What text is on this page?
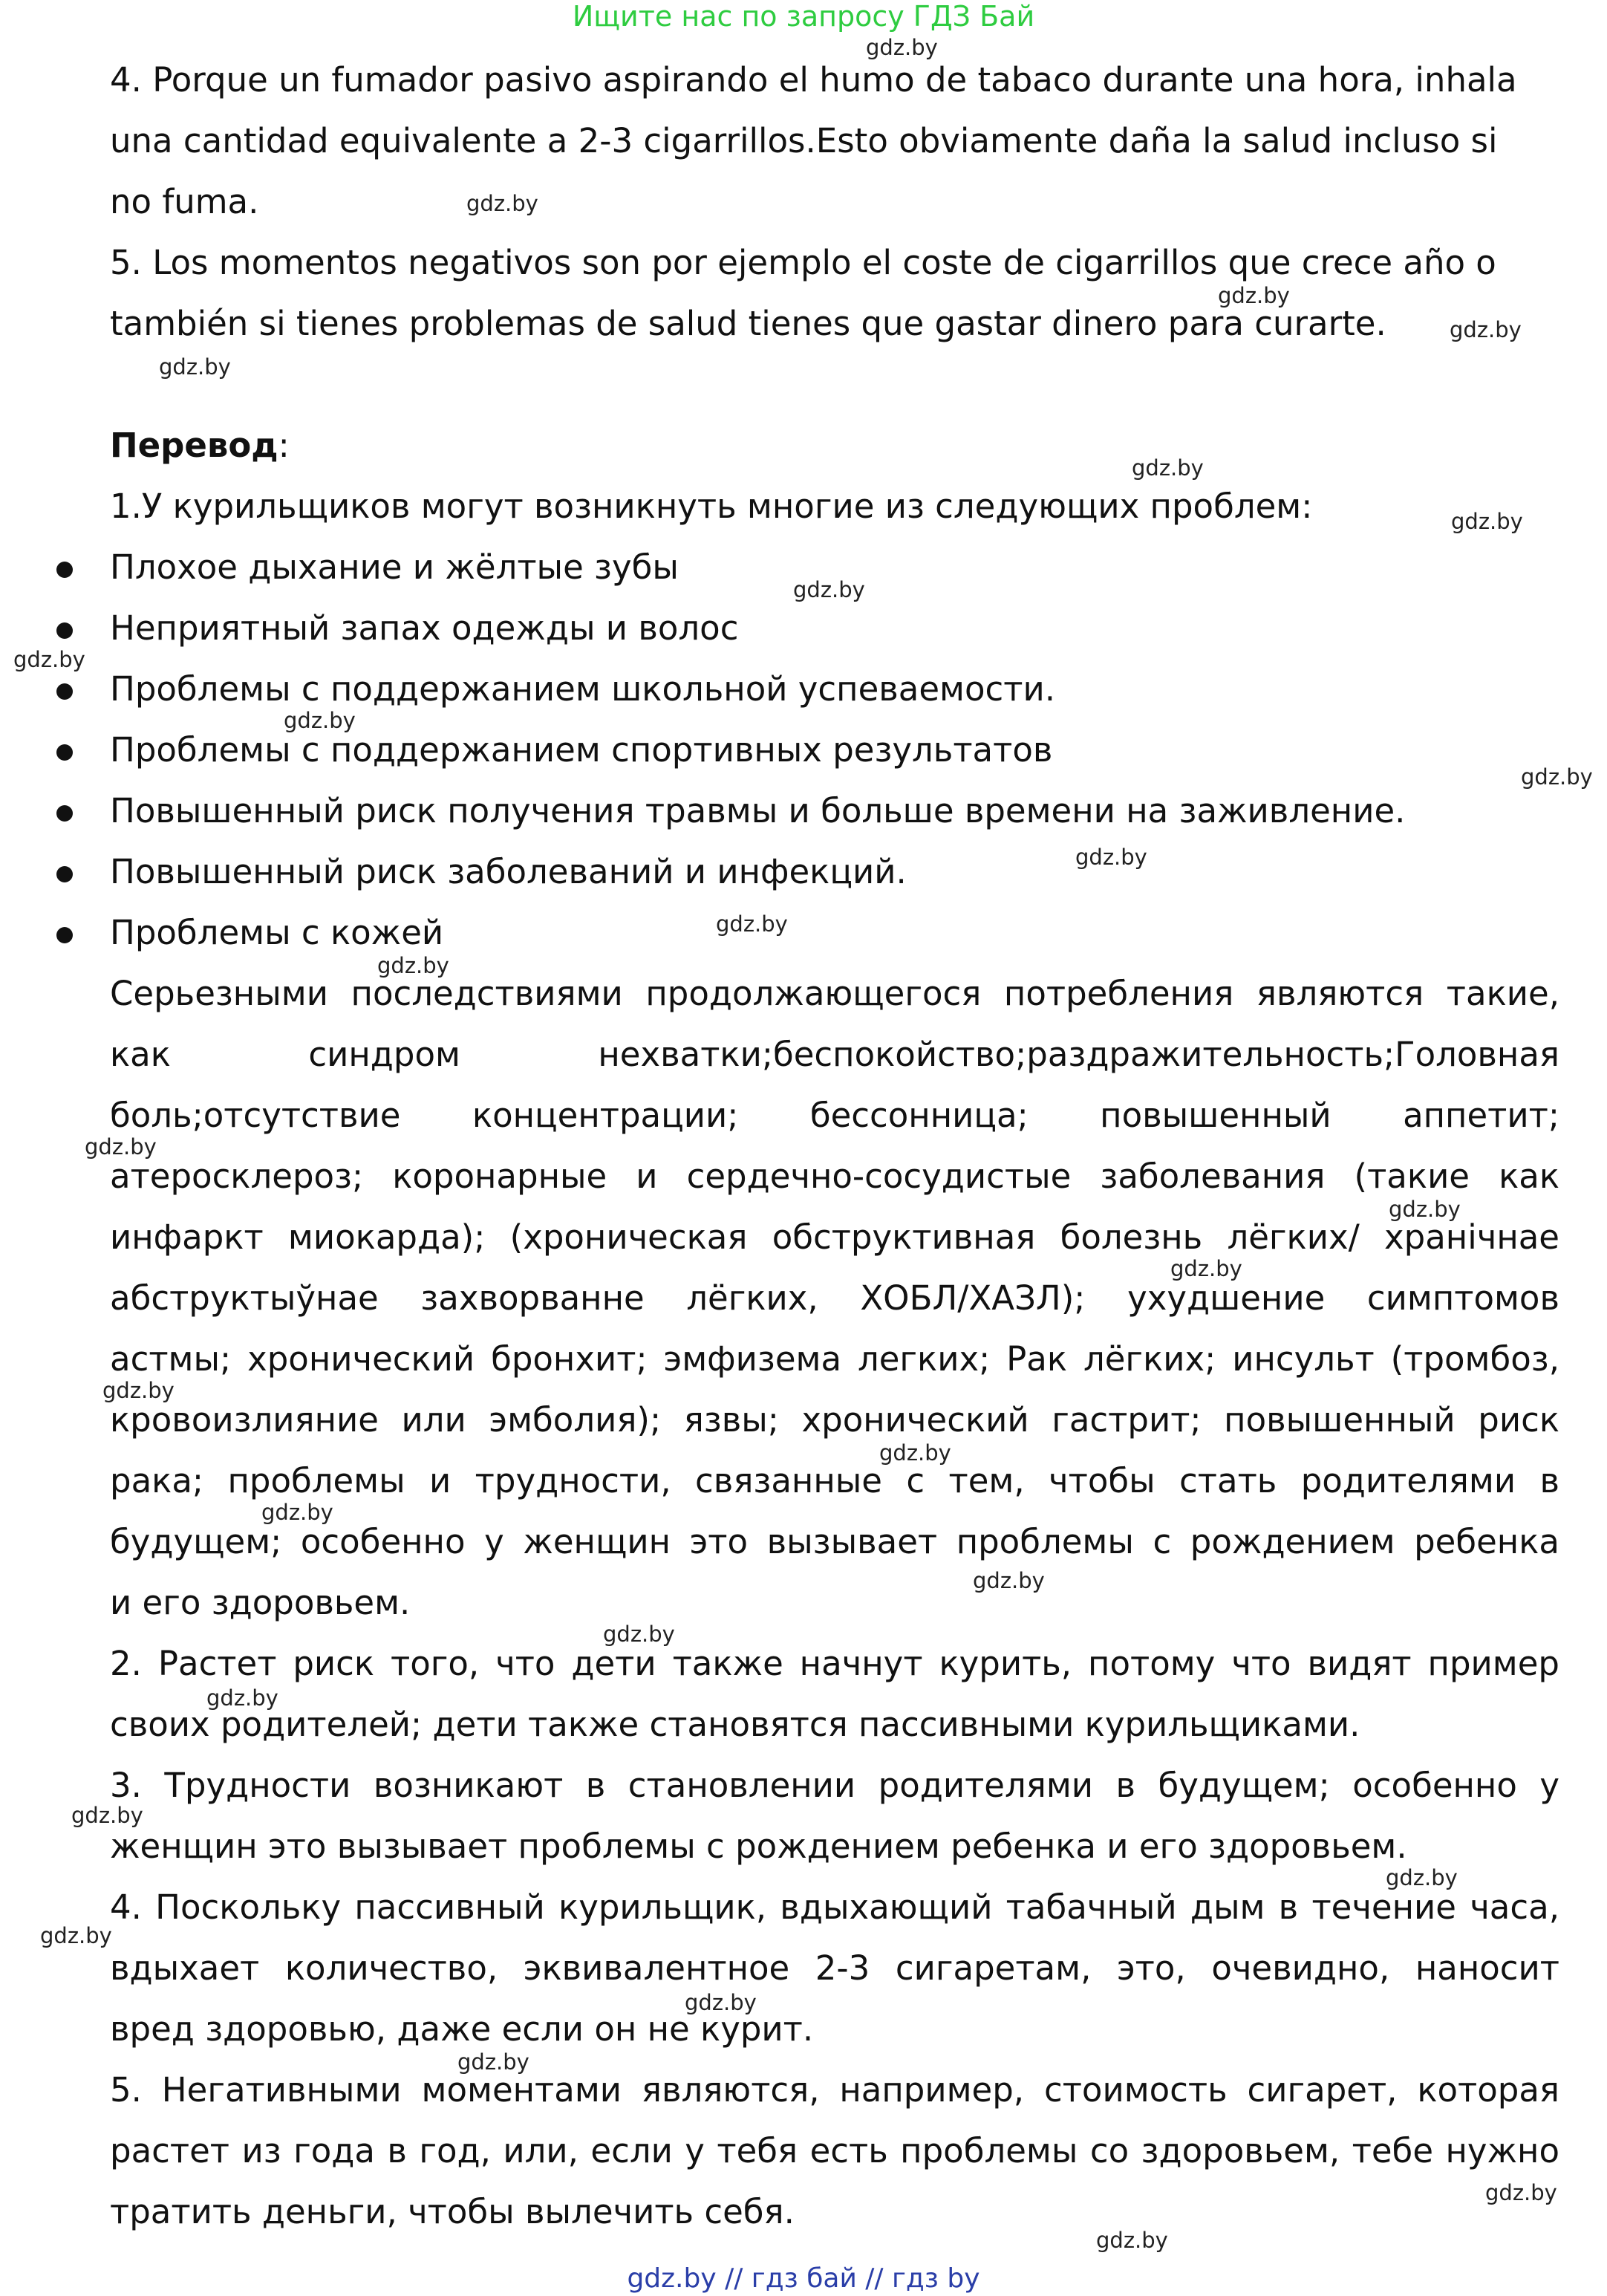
Ищите нас по запросу ГДЗ Бай
4. Porque un fumador pasivo aspirando el humo de tabaco durante una hora, inhala
una cantidad equivalente a 2-3 cigarrillos.Esto obviamente daña la salud incluso si
no fuma.
5. Los momentos negativos son por ejemplo el coste de cigarrillos que crece año o
también si tienes problemas de salud tienes que gastar dinero para curarte.
Перевод:
1.У курильщиков могут возникнуть многие из следующих проблем:
Плохое дыхание и жёлтые зубы
Неприятный запах одежды и волос
Проблемы с поддержанием школьной успеваемости.
Проблемы с поддержанием спортивных результатов
Повышенный риск получения травмы и больше времени на заживление.
Повышенный риск заболеваний и инфекций.
Проблемы с кожей
Серьезными последствиями продолжающегося потребления являются такие,
как	синдром	нехватки;беспокойство;раздражительность;Головная
боль;отсутствие концентрации; бессонница; повышенный аппетит;
атеросклероз; коронарные и сердечно-сосудистые заболевания (такие как
инфаркт миокарда); (хроническая обструктивная болезнь лёгких/ хранічнае
абструктыўнае захворванне лёгких, ХОБЛ/ХАЗЛ); ухудшение симптомов
астмы; хронический бронхит; эмфизема легких; Рак лёгких; инсульт (тромбоз,
кровоизлияние или эмболия); язвы; хронический гастрит; повышенный риск
рака; проблемы и трудности, связанные с тем, чтобы стать родителями в
будущем; особенно у женщин это вызывает проблемы с рождением ребенка
и его здоровьем.
2. Растет риск того, что дети также начнут курить, потому что видят пример
своих родителей; дети также становятся пассивными курильщиками.
3. Трудности возникают в становлении родителями в будущем; особенно у
женщин это вызывает проблемы с рождением ребенка и его здоровьем.
4. Поскольку пассивный курильщик, вдыхающий табачный дым в течение часа,
вдыхает количество, эквивалентное 2-3 сигаретам, это, очевидно, наносит
вред здоровью, даже если он не курит.
5. Негативными моментами являются, например, стоимость сигарет, которая
растет из года в год, или, если у тебя есть проблемы со здоровьем, тебе нужно
тратить деньги, чтобы вылечить себя.
gdz.by
gdz.by
gdz.by
gdz.by
gdz.by
gdz.by
gdz.by
gdz.by
gdz.by
gdz.by
gdz.by
gdz.by
gdz.by
gdz.by
gdz.by
gdz.by
gdz.by
gdz.by
gdz.by
gdz.by
gdz.by
gdz.by
gdz.by
gdz.by
gdz.by
gdz.by
gdz.by
gdz.by
gdz.by
gdz.by
gdz.by // гдз бай // гдз by
